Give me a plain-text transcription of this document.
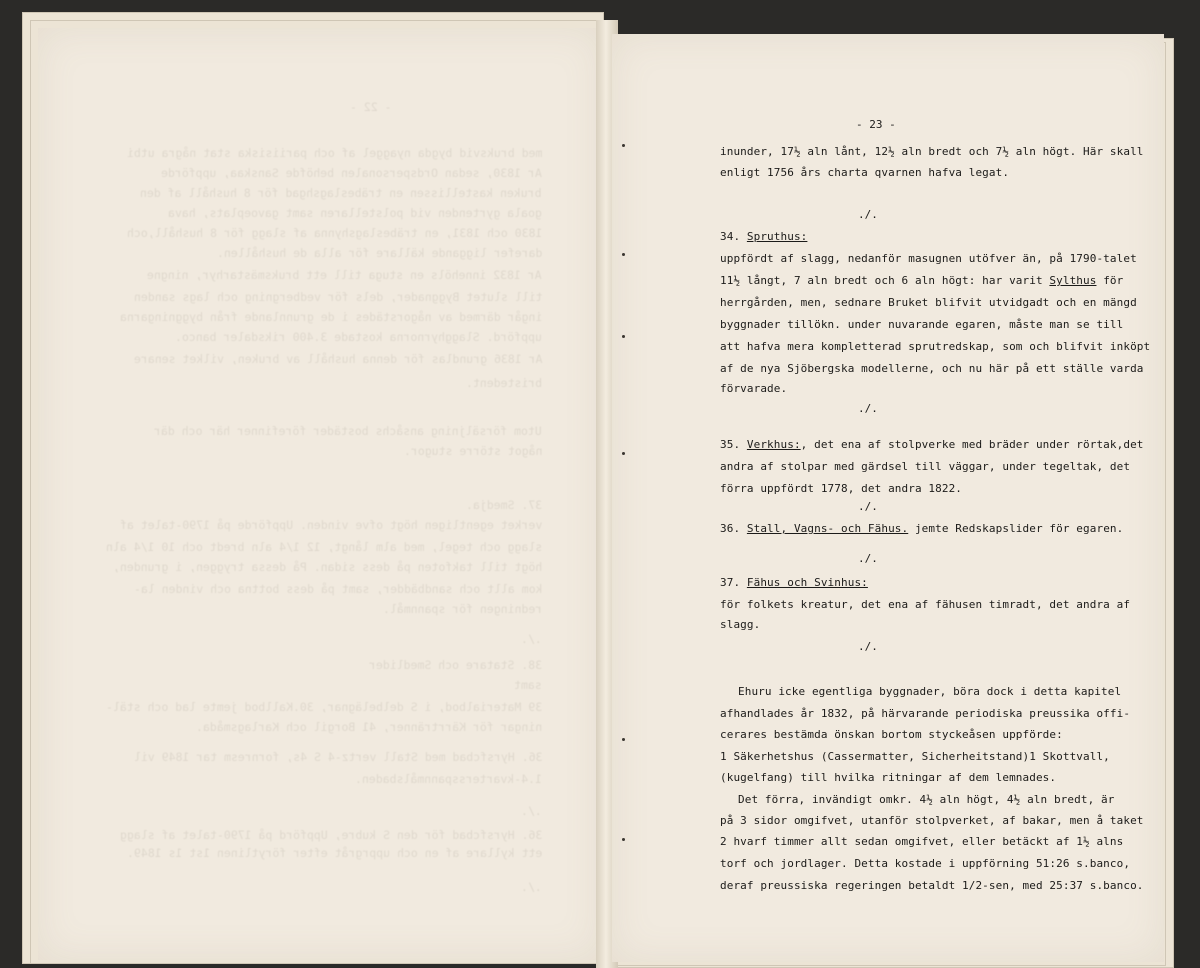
- 22 -
med bruksvid bygda nyaggel af och pariisiska stat några utbi
Ar 1830, sedan Ordspersonalen behöfde Sanskaa, uppförde
bruken kastellissen en träbeslagshgad för 8 hushåll af den
goala gyrtenden vid polstellaren samt gavoeplats, hava
1830 och 1831, en träbeslagshynna af slagg för 8 hushåll,och
darefer liggande källare för alla de hushållen.
Ar 1832 innehöls en stuga till ett bruksmästarhyr, ningne
till slutet Byggnader, dels för vedbergning och lags sanden
ingår därmed av någorstädes i de grunnlande från byggningarna
uppförd. Slagghyrnorna kostade 3.400 riksdaler banco.
Ar 1836 grundlas för denna hushåll av bruken, vilket senare
bristedent.
Utom försäljning ansåchs bostäder förefinner här och där
något större stugor.
37. Smedja.
verket egentligen högt ofve vinden. Uppförde på 1790-talet af
slagg och tegel, med alm långt, 12 1/4 aln bredt och 10 1/4 aln
högt till takfoten på dess sidan. På dessa tryggen, i grunden,
kom allt och sandbädder, samt på dess bottna och vinden la-
redningen för spannmål.
./.
38. Statare och Smedlider
samt
39 Materialbod, i S delbelägnar, 30.Kallbod jemte lad och stäl-
ningar för Kärrtränner, 41 Borgil och Karlagsmåda.
36. Hyrsfcbad med Stall vertz-4 S 4s, fornresm tar 1849 vil
1.4-kvartersspannmålsbaden.
./.
36. Hyrsfcbad för den S kubre, Uppförd på 1790-talet af slagg
ett kyllare af en och upprgråt efter förytlinen 1st 1s 1849.
./.
- 23 -
inunder, 17½ aln lånt, 12½ aln bredt och 7½ aln högt. Här skall
enligt 1756 års charta qvarnen hafva legat.
./.
34. Spruthus:
uppfördt af slagg, nedanför masugnen utöfver än, på 1790-talet
11½ långt, 7 aln bredt och 6 aln högt: har varit Sylthus för
herrgården, men, sednare Bruket blifvit utvidgadt och en mängd
byggnader tillökn. under nuvarande egaren, måste man se till
att hafva mera kompletterad sprutredskap, som och blifvit inköpt
af de nya Sjöbergska modellerne, och nu här på ett ställe varda
förvarade.
./.
35. Verkhus:, det ena af stolpverke med bräder under rörtak,det
andra af stolpar med gärdsel till väggar, under tegeltak, det
förra uppfördt 1778, det andra 1822.
./.
36. Stall, Vagns- och Fähus. jemte Redskapslider för egaren.
./.
37. Fähus och Svinhus:
för folkets kreatur, det ena af fähusen timradt, det andra af
slagg.
./.
Ehuru icke egentliga byggnader, böra dock i detta kapitel
afhandlades år 1832, på härvarande periodiska preussika offi-
cerares bestämda önskan bortom styckeåsen uppförde:
1 Säkerhetshus (Cassermatter, Sicherheitstand)1 Skottvall,
(kugelfang) till hvilka ritningar af dem lemnades.
Det förra, invändigt omkr. 4½ aln högt, 4½ aln bredt, är
på 3 sidor omgifvet, utanför stolpverket, af bakar, men å taket
2 hvarf timmer allt sedan omgifvet, eller betäckt af 1½ alns
torf och jordlager. Detta kostade i uppförning 51:26 s.banco,
deraf preussiska regeringen betaldt 1/2-sen, med 25:37 s.banco.
